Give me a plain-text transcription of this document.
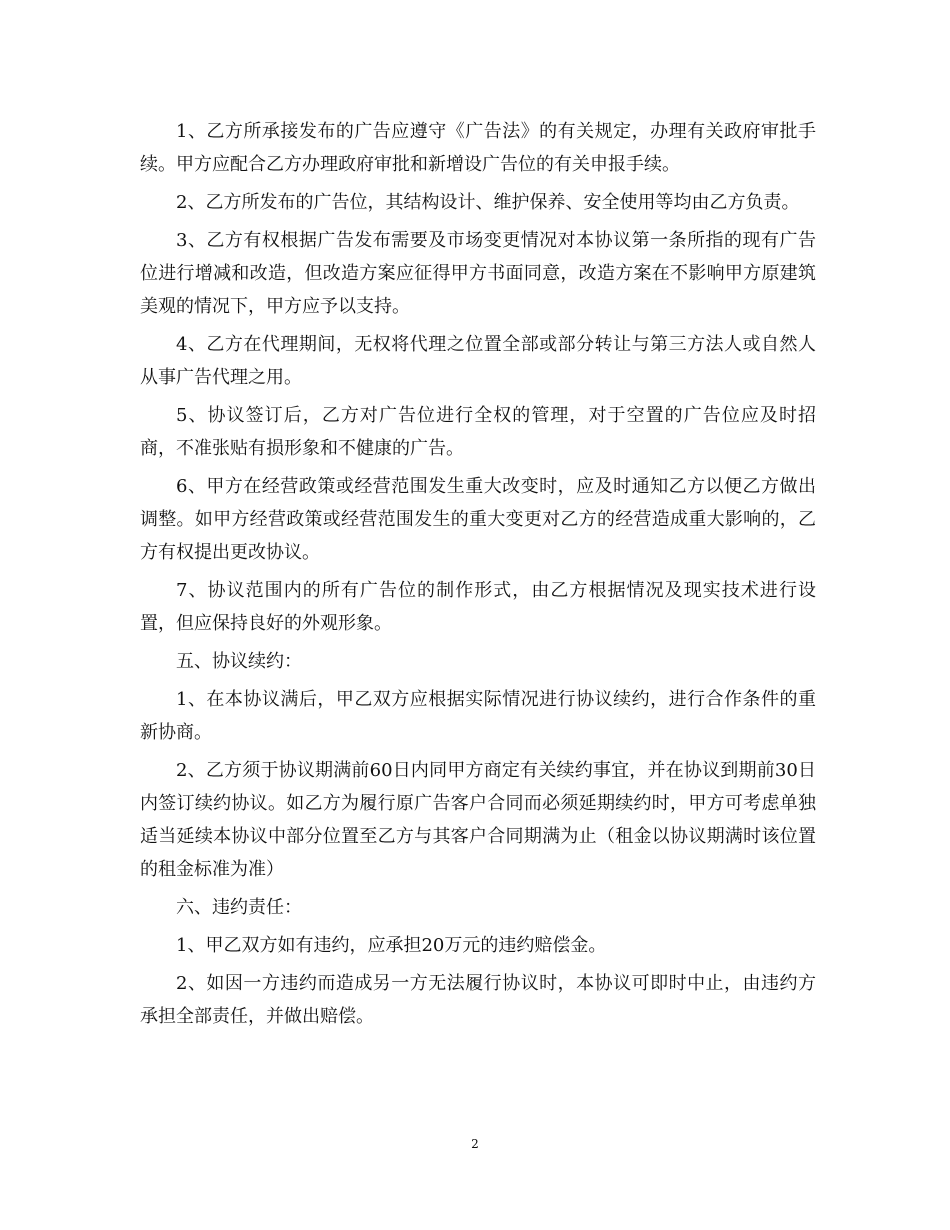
1、乙方所承接发布的广告应遵守《广告法》的有关规定，办理有关政府审批手续。甲方应配合乙方办理政府审批和新增设广告位的有关申报手续。

2、乙方所发布的广告位，其结构设计、维护保养、安全使用等均由乙方负责。

3、乙方有权根据广告发布需要及市场变更情况对本协议第一条所指的现有广告位进行增减和改造，但改造方案应征得甲方书面同意，改造方案在不影响甲方原建筑美观的情况下，甲方应予以支持。

4、乙方在代理期间，无权将代理之位置全部或部分转让与第三方法人或自然人从事广告代理之用。

5、协议签订后，乙方对广告位进行全权的管理，对于空置的广告位应及时招商，不准张贴有损形象和不健康的广告。

6、甲方在经营政策或经营范围发生重大改变时，应及时通知乙方以便乙方做出调整。如甲方经营政策或经营范围发生的重大变更对乙方的经营造成重大影响的，乙方有权提出更改协议。

7、协议范围内的所有广告位的制作形式，由乙方根据情况及现实技术进行设置，但应保持良好的外观形象。

五、协议续约：

1、在本协议满后，甲乙双方应根据实际情况进行协议续约，进行合作条件的重新协商。

2、乙方须于协议期满前60日内同甲方商定有关续约事宜，并在协议到期前30日内签订续约协议。如乙方为履行原广告客户合同而必须延期续约时，甲方可考虑单独适当延续本协议中部分位置至乙方与其客户合同期满为止（租金以协议期满时该位置的租金标准为准）

六、违约责任：

1、甲乙双方如有违约，应承担20万元的违约赔偿金。

2、如因一方违约而造成另一方无法履行协议时，本协议可即时中止，由违约方承担全部责任，并做出赔偿。

2
